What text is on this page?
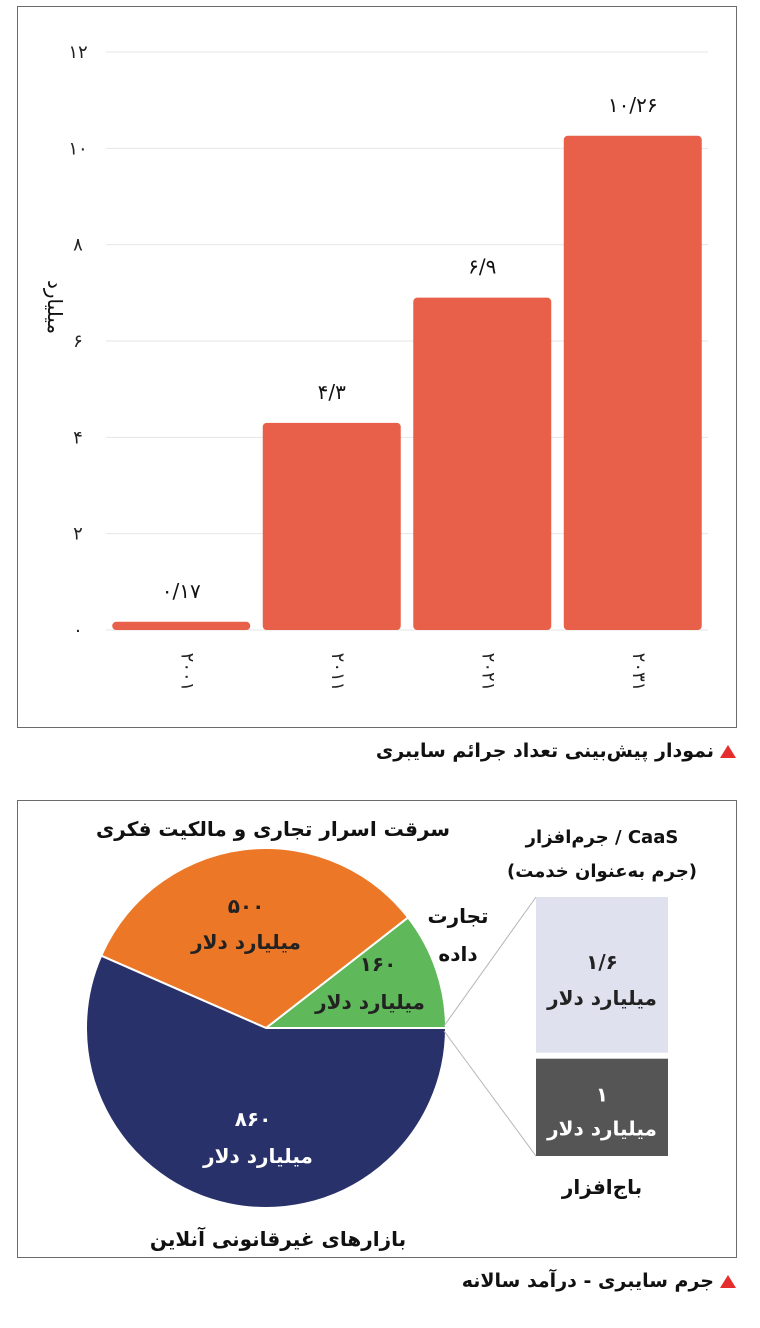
۰
۲
۴
۶
۸
۱۰
۱۲
میلیارد
۰/۱۷
۲۰۰۱
۴/۳
۲۰۱۱
۶/۹
۲۰۲۱
۱۰/۲۶
۲۰۳۱
نمودار پیش‌بینی تعداد جرائم سایبری
۸۶۰
میلیارد دلار
بازارهای غیرقانونی آنلاین
۵۰۰
میلیارد دلار
سرقت اسرار تجاری و مالکیت فکری
۱۶۰
میلیارد دلار
تجارت
داده	۱/۶
میلیارد دلار
۱
میلیارد دلار
باج‌افزار
جرم‌افزار / CaaS
(جرم به‌عنوان خدمت)
جرم سایبری - درآمد سالانه
